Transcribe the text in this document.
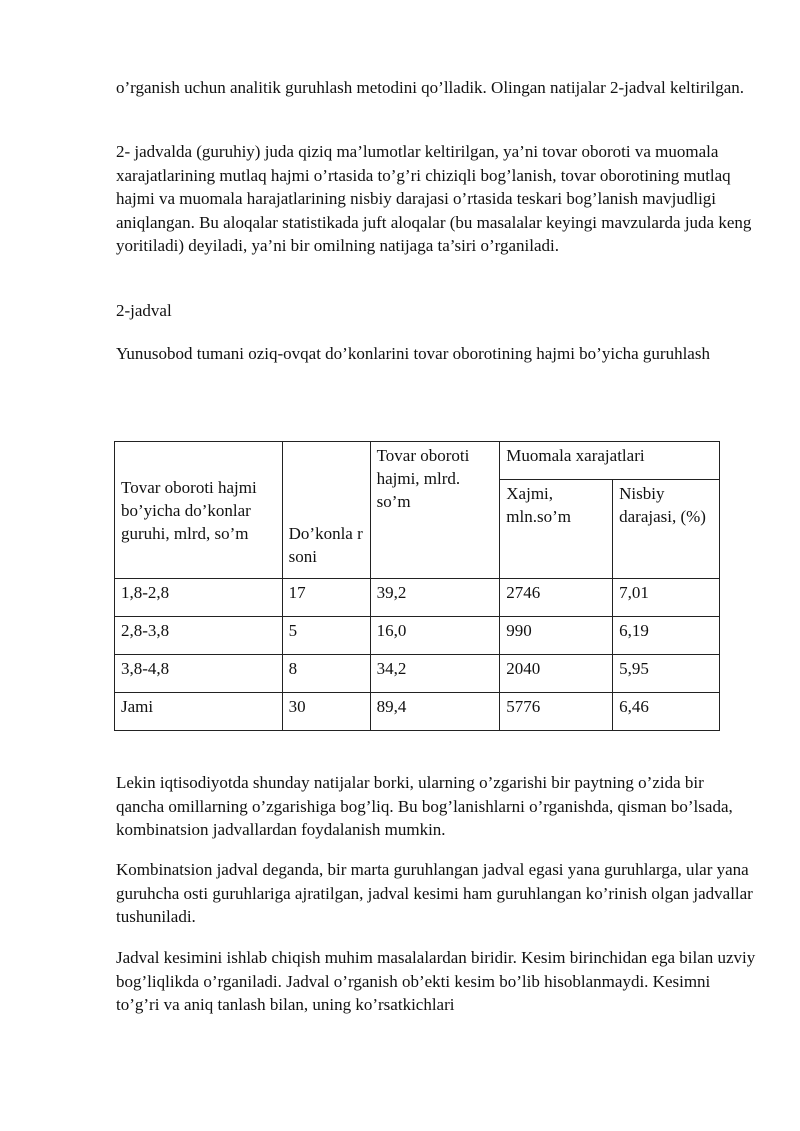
o’rganish uchun analitik guruhlash metodini qo’lladik. Olingan natijalar 2-jadval keltirilgan.

2- jadvalda (guruhiy) juda qiziq ma’lumotlar keltirilgan, ya’ni tovar oboroti va muomala xarajatlarining mutlaq hajmi o’rtasida to’g’ri chiziqli bog’lanish, tovar oborotining mutlaq hajmi va muomala harajatlarining nisbiy darajasi o’rtasida teskari bog’lanish mavjudligi aniqlangan. Bu aloqalar statistikada juft aloqalar (bu masalalar keyingi mavzularda juda keng yoritiladi) deyiladi, ya’ni bir omilning natijaga ta’siri o’rganiladi.

2-jadval

Yunusobod tumani oziq-ovqat do’konlarini tovar oborotining hajmi bo’yicha guruhlash

Tovar oboroti hajmi bo’yicha do’konlar guruhi, mlrd, so’m	Do’konla r soni	Tovar oboroti hajmi, mlrd. so’m	Muomala xarajatlari	
			Xajmi, mln.so’m	Nisbiy darajasi, (%)
1,8-2,8	17	39,2	2746	7,01
2,8-3,8	5	16,0	990	6,19
3,8-4,8	8	34,2	2040	5,95
Jami	30	89,4	5776	6,46

Lekin iqtisodiyotda shunday natijalar borki, ularning o’zgarishi bir paytning o’zida bir qancha omillarning o’zgarishiga bog’liq. Bu bog’lanishlarni o’rganishda, qisman bo’lsada, kombinatsion jadvallardan foydalanish mumkin.

Kombinatsion jadval deganda, bir marta guruhlangan jadval egasi yana guruhlarga, ular yana guruhcha osti guruhlariga ajratilgan, jadval kesimi ham guruhlangan ko’rinish olgan jadvallar tushuniladi.

Jadval kesimini ishlab chiqish muhim masalalardan biridir. Kesim birinchidan ega bilan uzviy bog’liqlikda o’rganiladi. Jadval o’rganish ob’ekti kesim bo’lib hisoblanmaydi. Kesimni to’g’ri va aniq tanlash bilan, uning ko’rsatkichlari
